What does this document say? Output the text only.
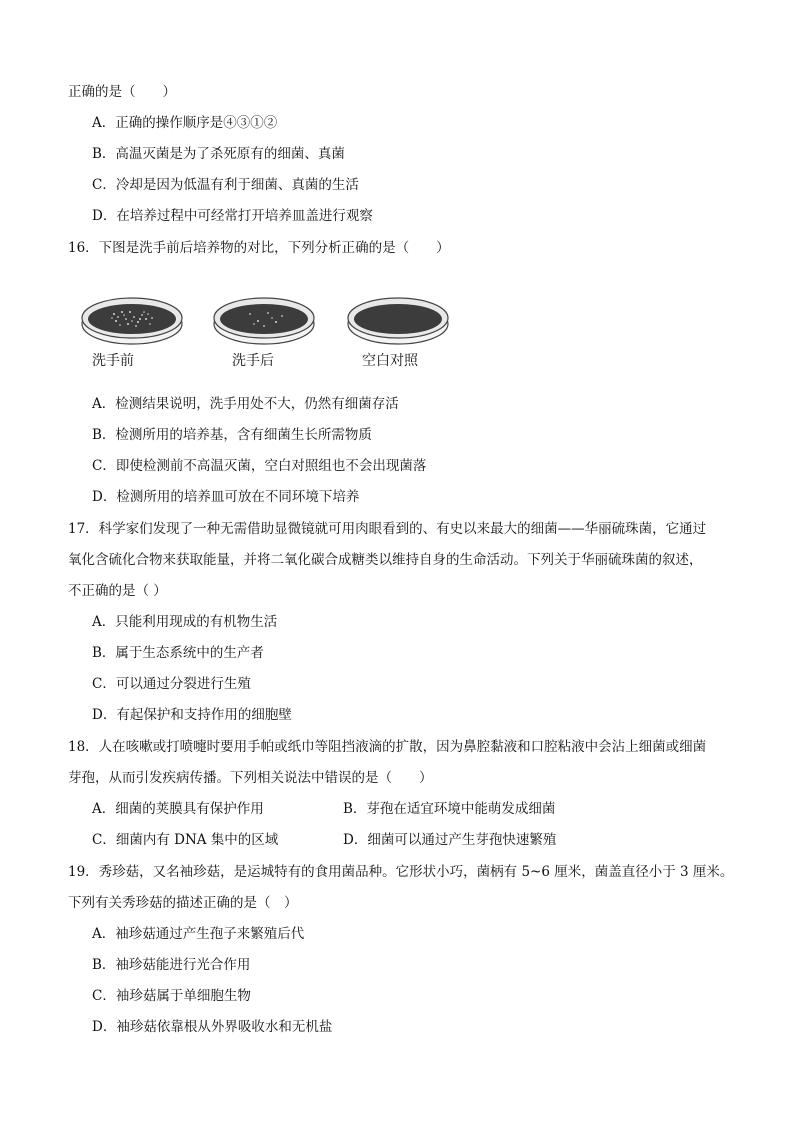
正确的是（　　）
A．正确的操作顺序是④③①②
B．高温灭菌是为了杀死原有的细菌、真菌
C．冷却是因为低温有利于细菌、真菌的生活
D．在培养过程中可经常打开培养皿盖进行观察
16．下图是洗手前后培养物的对比，下列分析正确的是（　　）
洗手前	洗手后	空白对照
A．检测结果说明，洗手用处不大，仍然有细菌存活
B．检测所用的培养基，含有细菌生长所需物质
C．即使检测前不高温灭菌，空白对照组也不会出现菌落
D．检测所用的培养皿可放在不同环境下培养
17．科学家们发现了一种无需借助显微镜就可用肉眼看到的、有史以来最大的细菌——华丽硫珠菌，它通过
氧化含硫化合物来获取能量，并将二氧化碳合成糖类以维持自身的生命活动。下列关于华丽硫珠菌的叙述，
不正确的是（ ）
A．只能利用现成的有机物生活
B．属于生态系统中的生产者
C．可以通过分裂进行生殖
D．有起保护和支持作用的细胞壁
18．人在咳嗽或打喷嚏时要用手帕或纸巾等阻挡液滴的扩散，因为鼻腔黏液和口腔粘液中会沾上细菌或细菌
芽孢，从而引发疾病传播。下列相关说法中错误的是（　　）
A．细菌的荚膜具有保护作用	B．芽孢在适宜环境中能萌发成细菌
C．细菌内有 DNA 集中的区域	D．细菌可以通过产生芽孢快速繁殖
19．秀珍菇，又名袖珍菇，是运城特有的食用菌品种。它形状小巧，菌柄有 5~6 厘米，菌盖直径小于 3 厘米。
下列有关秀珍菇的描述正确的是（　）
A．袖珍菇通过产生孢子来繁殖后代
B．袖珍菇能进行光合作用
C．袖珍菇属于单细胞生物
D．袖珍菇依靠根从外界吸收水和无机盐
